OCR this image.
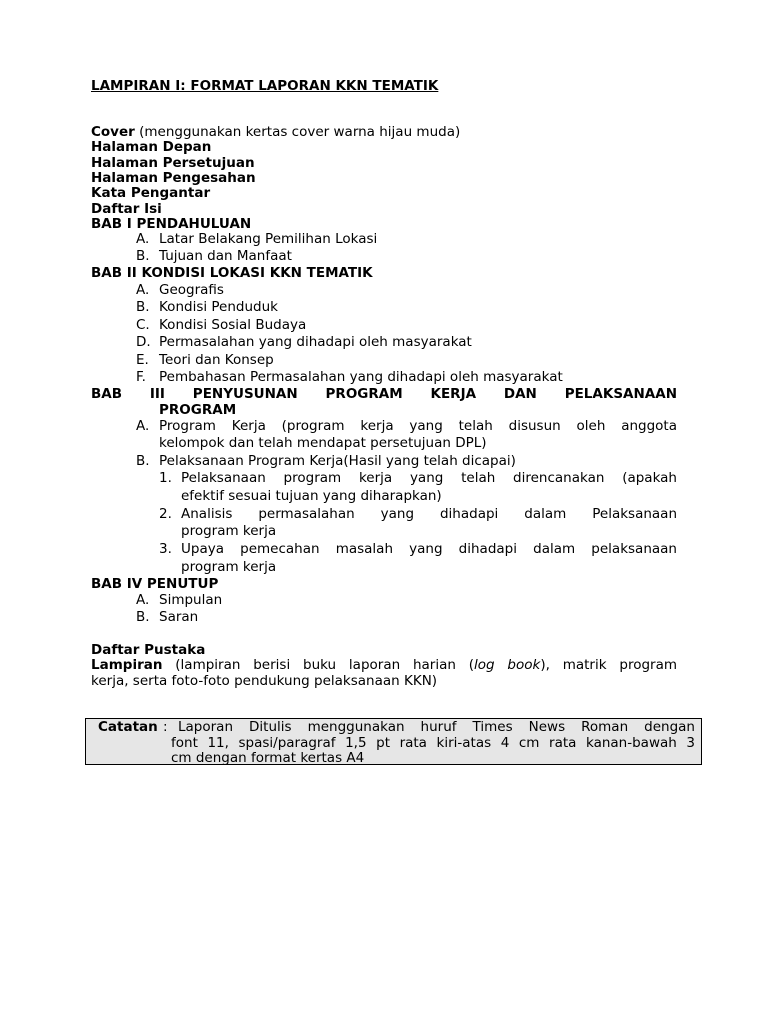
LAMPIRAN I: FORMAT LAPORAN KKN TEMATIK
Cover (menggunakan kertas cover warna hijau muda)
Halaman Depan
Halaman Persetujuan
Halaman Pengesahan
Kata Pengantar
Daftar Isi
BAB I PENDAHULUAN
A. Latar Belakang Pemilihan Lokasi
B. Tujuan dan Manfaat
BAB II KONDISI LOKASI KKN TEMATIK
A. Geografis
B. Kondisi Penduduk
C. Kondisi Sosial Budaya
D. Permasalahan yang dihadapi oleh masyarakat
E. Teori dan Konsep
F. Pembahasan Permasalahan yang dihadapi oleh masyarakat
BAB III PENYUSUNAN PROGRAM KERJA DAN PELAKSANAAN
PROGRAM
A. Program Kerja (program kerja yang telah disusun oleh anggota
kelompok dan telah mendapat persetujuan DPL)
B. Pelaksanaan Program Kerja(Hasil yang telah dicapai)
1. Pelaksanaan program kerja yang telah direncanakan (apakah
efektif sesuai tujuan yang diharapkan)
2. Analisis permasalahan yang dihadapi dalam Pelaksanaan
program kerja
3. Upaya pemecahan masalah yang dihadapi dalam pelaksanaan
program kerja
BAB IV PENUTUP
A. Simpulan
B. Saran
Daftar Pustaka
Lampiran (lampiran berisi buku laporan harian (log book), matrik program
kerja, serta foto-foto pendukung pelaksanaan KKN)
Catatan : Laporan Ditulis menggunakan huruf Times News Roman dengan
font 11, spasi/paragraf 1,5 pt rata kiri-atas 4 cm rata kanan-bawah 3
cm dengan format kertas A4
